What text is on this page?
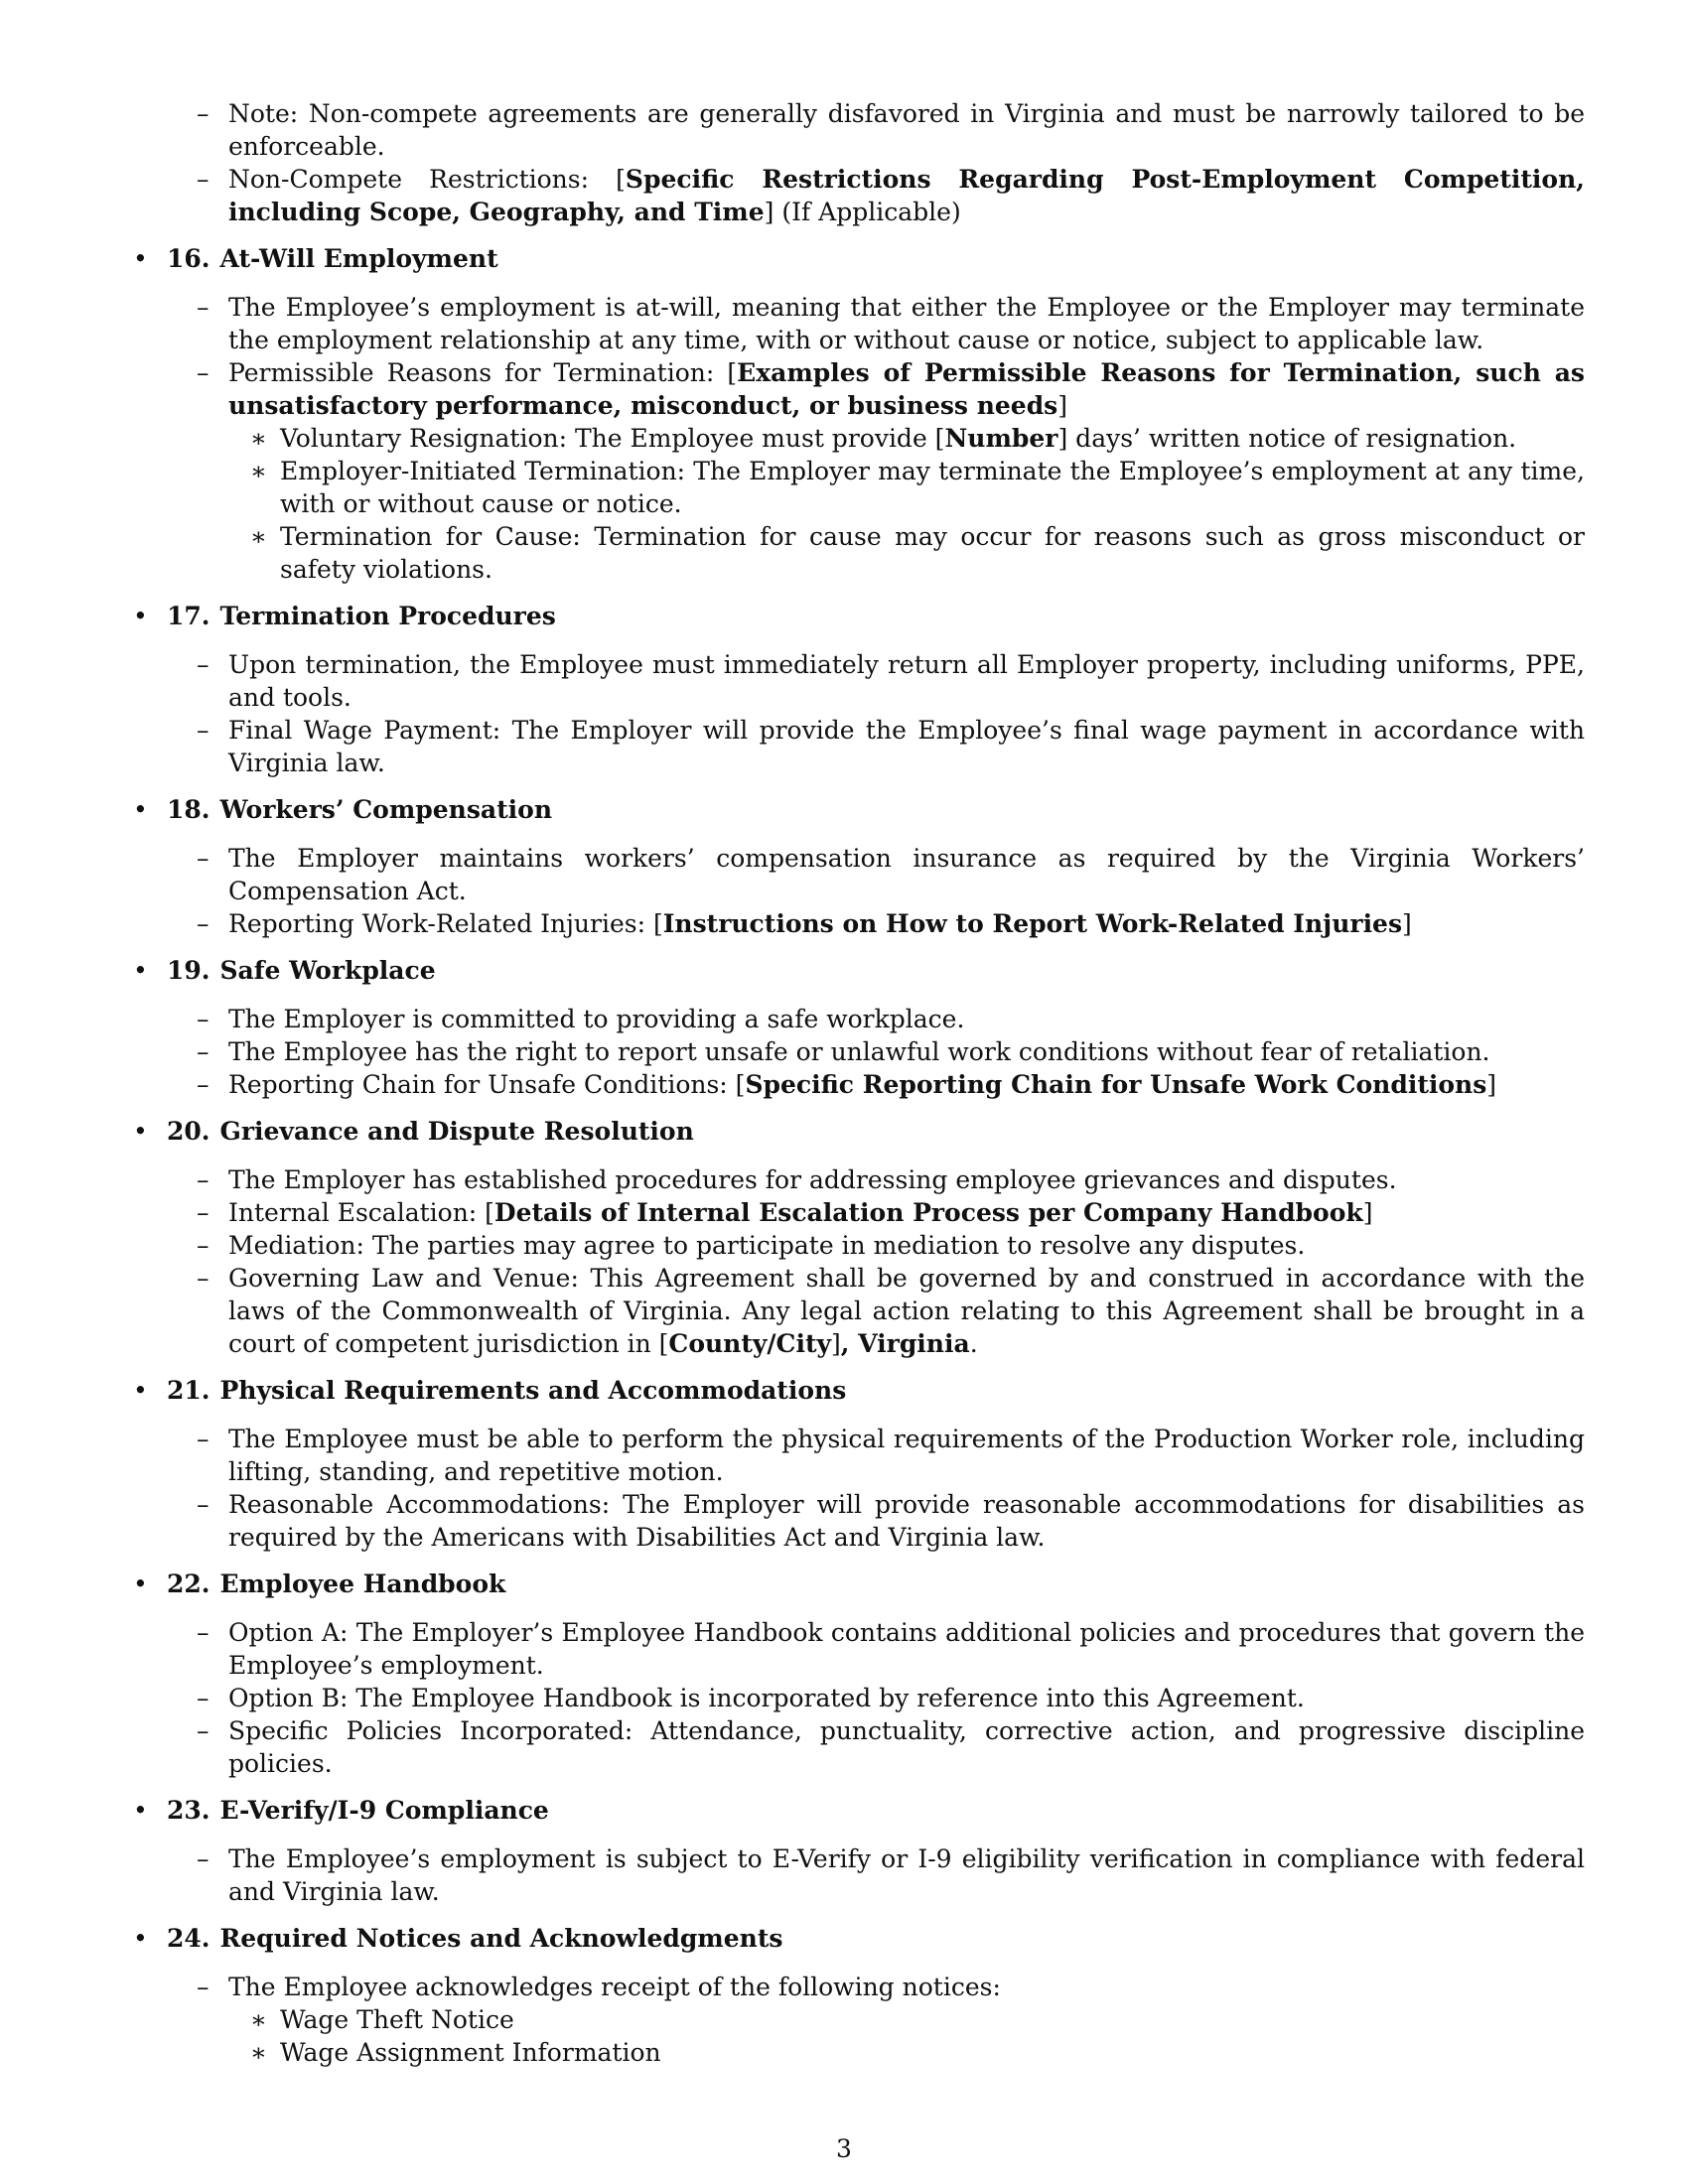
– Note: Non-compete agreements are generally disfavored in Virginia and must be narrowly tailored to be enforceable.
– Non-Compete Restrictions: [Specific Restrictions Regarding Post-Employment Competition, including Scope, Geography, and Time] (If Applicable)
• 16. At-Will Employment
– The Employee’s employment is at-will, meaning that either the Employee or the Employer may terminate the employment relationship at any time, with or without cause or notice, subject to applicable law.
– Permissible Reasons for Termination: [Examples of Permissible Reasons for Termination, such as unsatisfactory performance, misconduct, or business needs]
∗ Voluntary Resignation: The Employee must provide [Number] days’ written notice of resignation.
∗ Employer-Initiated Termination: The Employer may terminate the Employee’s employment at any time, with or without cause or notice.
∗ Termination for Cause: Termination for cause may occur for reasons such as gross misconduct or safety violations.
• 17. Termination Procedures
– Upon termination, the Employee must immediately return all Employer property, including uniforms, PPE, and tools.
– Final Wage Payment: The Employer will provide the Employee’s final wage payment in accordance with Virginia law.
• 18. Workers’ Compensation
– The Employer maintains workers’ compensation insurance as required by the Virginia Workers’ Compensation Act.
– Reporting Work-Related Injuries: [Instructions on How to Report Work-Related Injuries]
• 19. Safe Workplace
– The Employer is committed to providing a safe workplace.
– The Employee has the right to report unsafe or unlawful work conditions without fear of retaliation.
– Reporting Chain for Unsafe Conditions: [Specific Reporting Chain for Unsafe Work Conditions]
• 20. Grievance and Dispute Resolution
– The Employer has established procedures for addressing employee grievances and disputes.
– Internal Escalation: [Details of Internal Escalation Process per Company Handbook]
– Mediation: The parties may agree to participate in mediation to resolve any disputes.
– Governing Law and Venue: This Agreement shall be governed by and construed in accordance with the laws of the Commonwealth of Virginia. Any legal action relating to this Agreement shall be brought in a court of competent jurisdiction in [County/City], Virginia.
• 21. Physical Requirements and Accommodations
– The Employee must be able to perform the physical requirements of the Production Worker role, including lifting, standing, and repetitive motion.
– Reasonable Accommodations: The Employer will provide reasonable accommodations for disabilities as required by the Americans with Disabilities Act and Virginia law.
• 22. Employee Handbook
– Option A: The Employer’s Employee Handbook contains additional policies and procedures that govern the Employee’s employment.
– Option B: The Employee Handbook is incorporated by reference into this Agreement.
– Specific Policies Incorporated: Attendance, punctuality, corrective action, and progressive discipline policies.
• 23. E-Verify/I-9 Compliance
– The Employee’s employment is subject to E-Verify or I-9 eligibility verification in compliance with federal and Virginia law.
• 24. Required Notices and Acknowledgments
– The Employee acknowledges receipt of the following notices:
∗ Wage Theft Notice
∗ Wage Assignment Information
3
